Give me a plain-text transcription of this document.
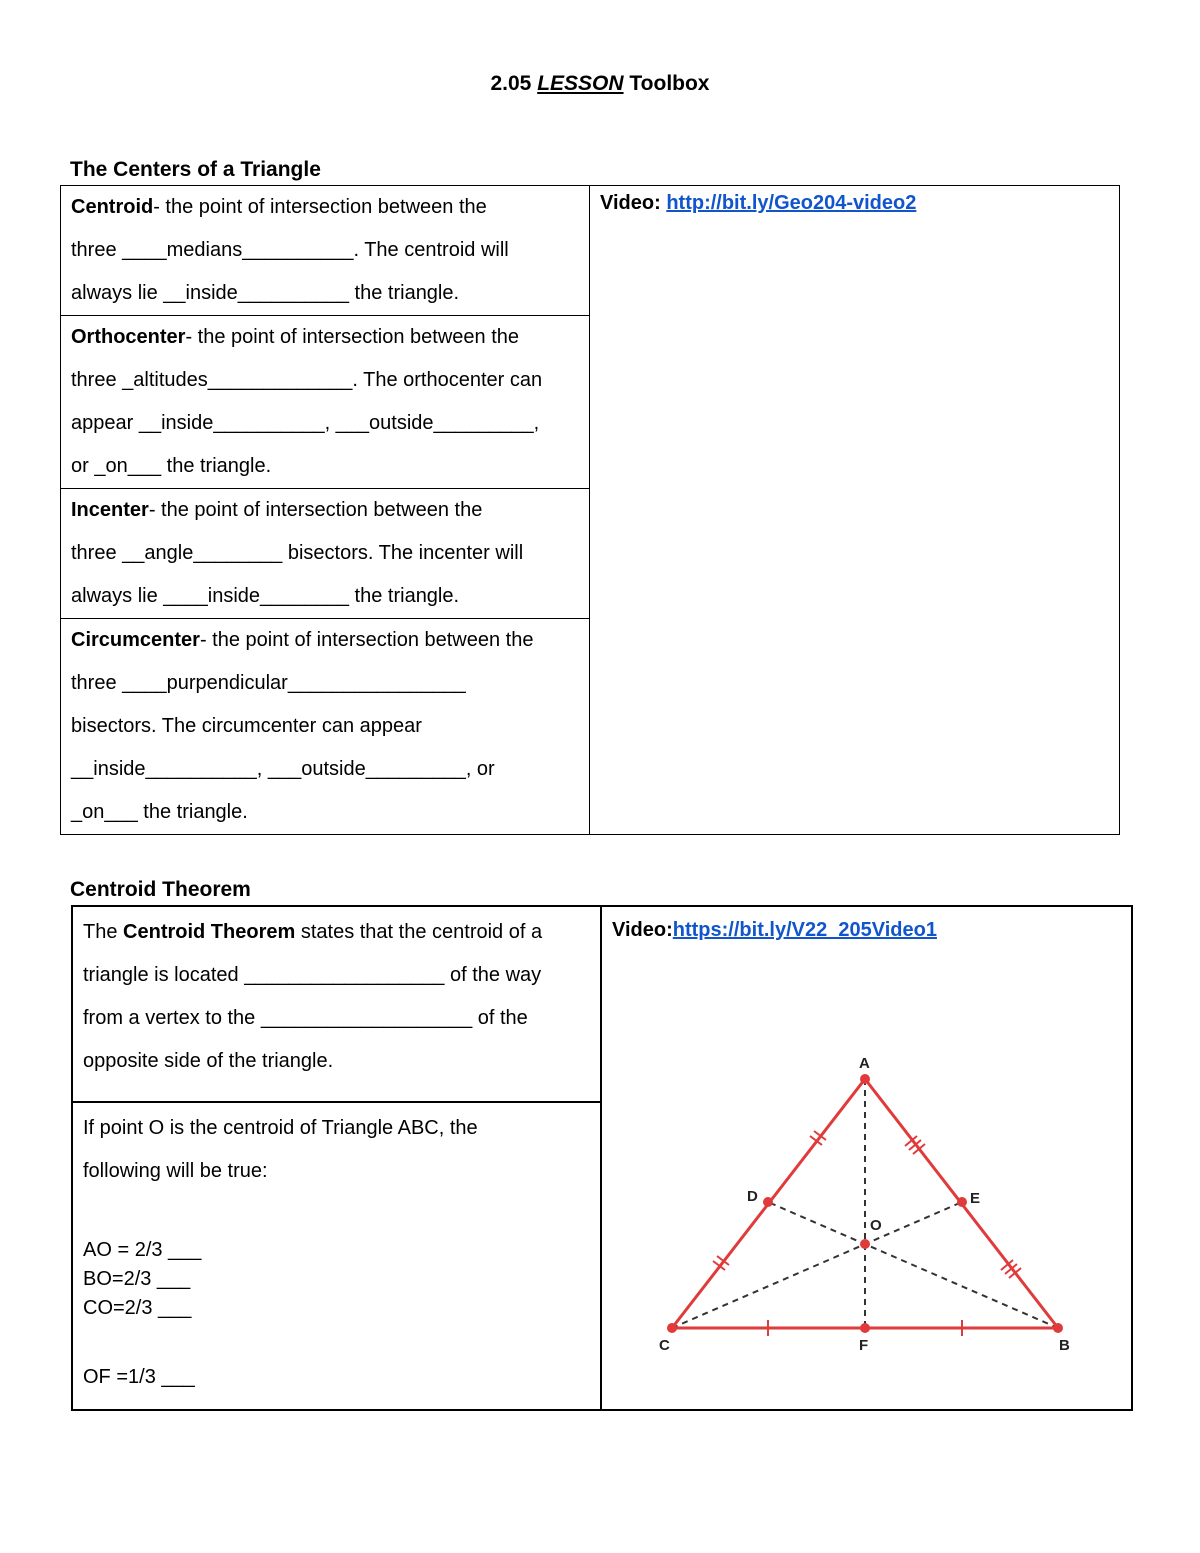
2.05 LESSON Toolbox
The Centers of a Triangle
Centroid- the point of intersection between the
three ____medians__________. The centroid will
always lie __inside__________ the triangle.	Video: http://bit.ly/Geo204-video2
Orthocenter- the point of intersection between the
three _altitudes_____________. The orthocenter can
appear __inside__________, ___outside_________,
or _on___ the triangle.
Incenter- the point of intersection between the
three __angle________ bisectors. The incenter will
always lie ____inside________ the triangle.
Circumcenter- the point of intersection between the
three ____purpendicular________________
bisectors. The circumcenter can appear
__inside__________, ___outside_________, or
_on___ the triangle.
Centroid Theorem
The Centroid Theorem states that the centroid of a
triangle is located __________________ of the way
from a vertex to the ___________________ of the
opposite side of the triangle.	Video:https://bit.ly/V22_205Video1

If point O is the centroid of Triangle ABC, the
following will be true:
AO = 2/3 ___
BO=2/3 ___
CO=2/3 ___
OF =1/3 ___
A
B
C
D	E
F
O
